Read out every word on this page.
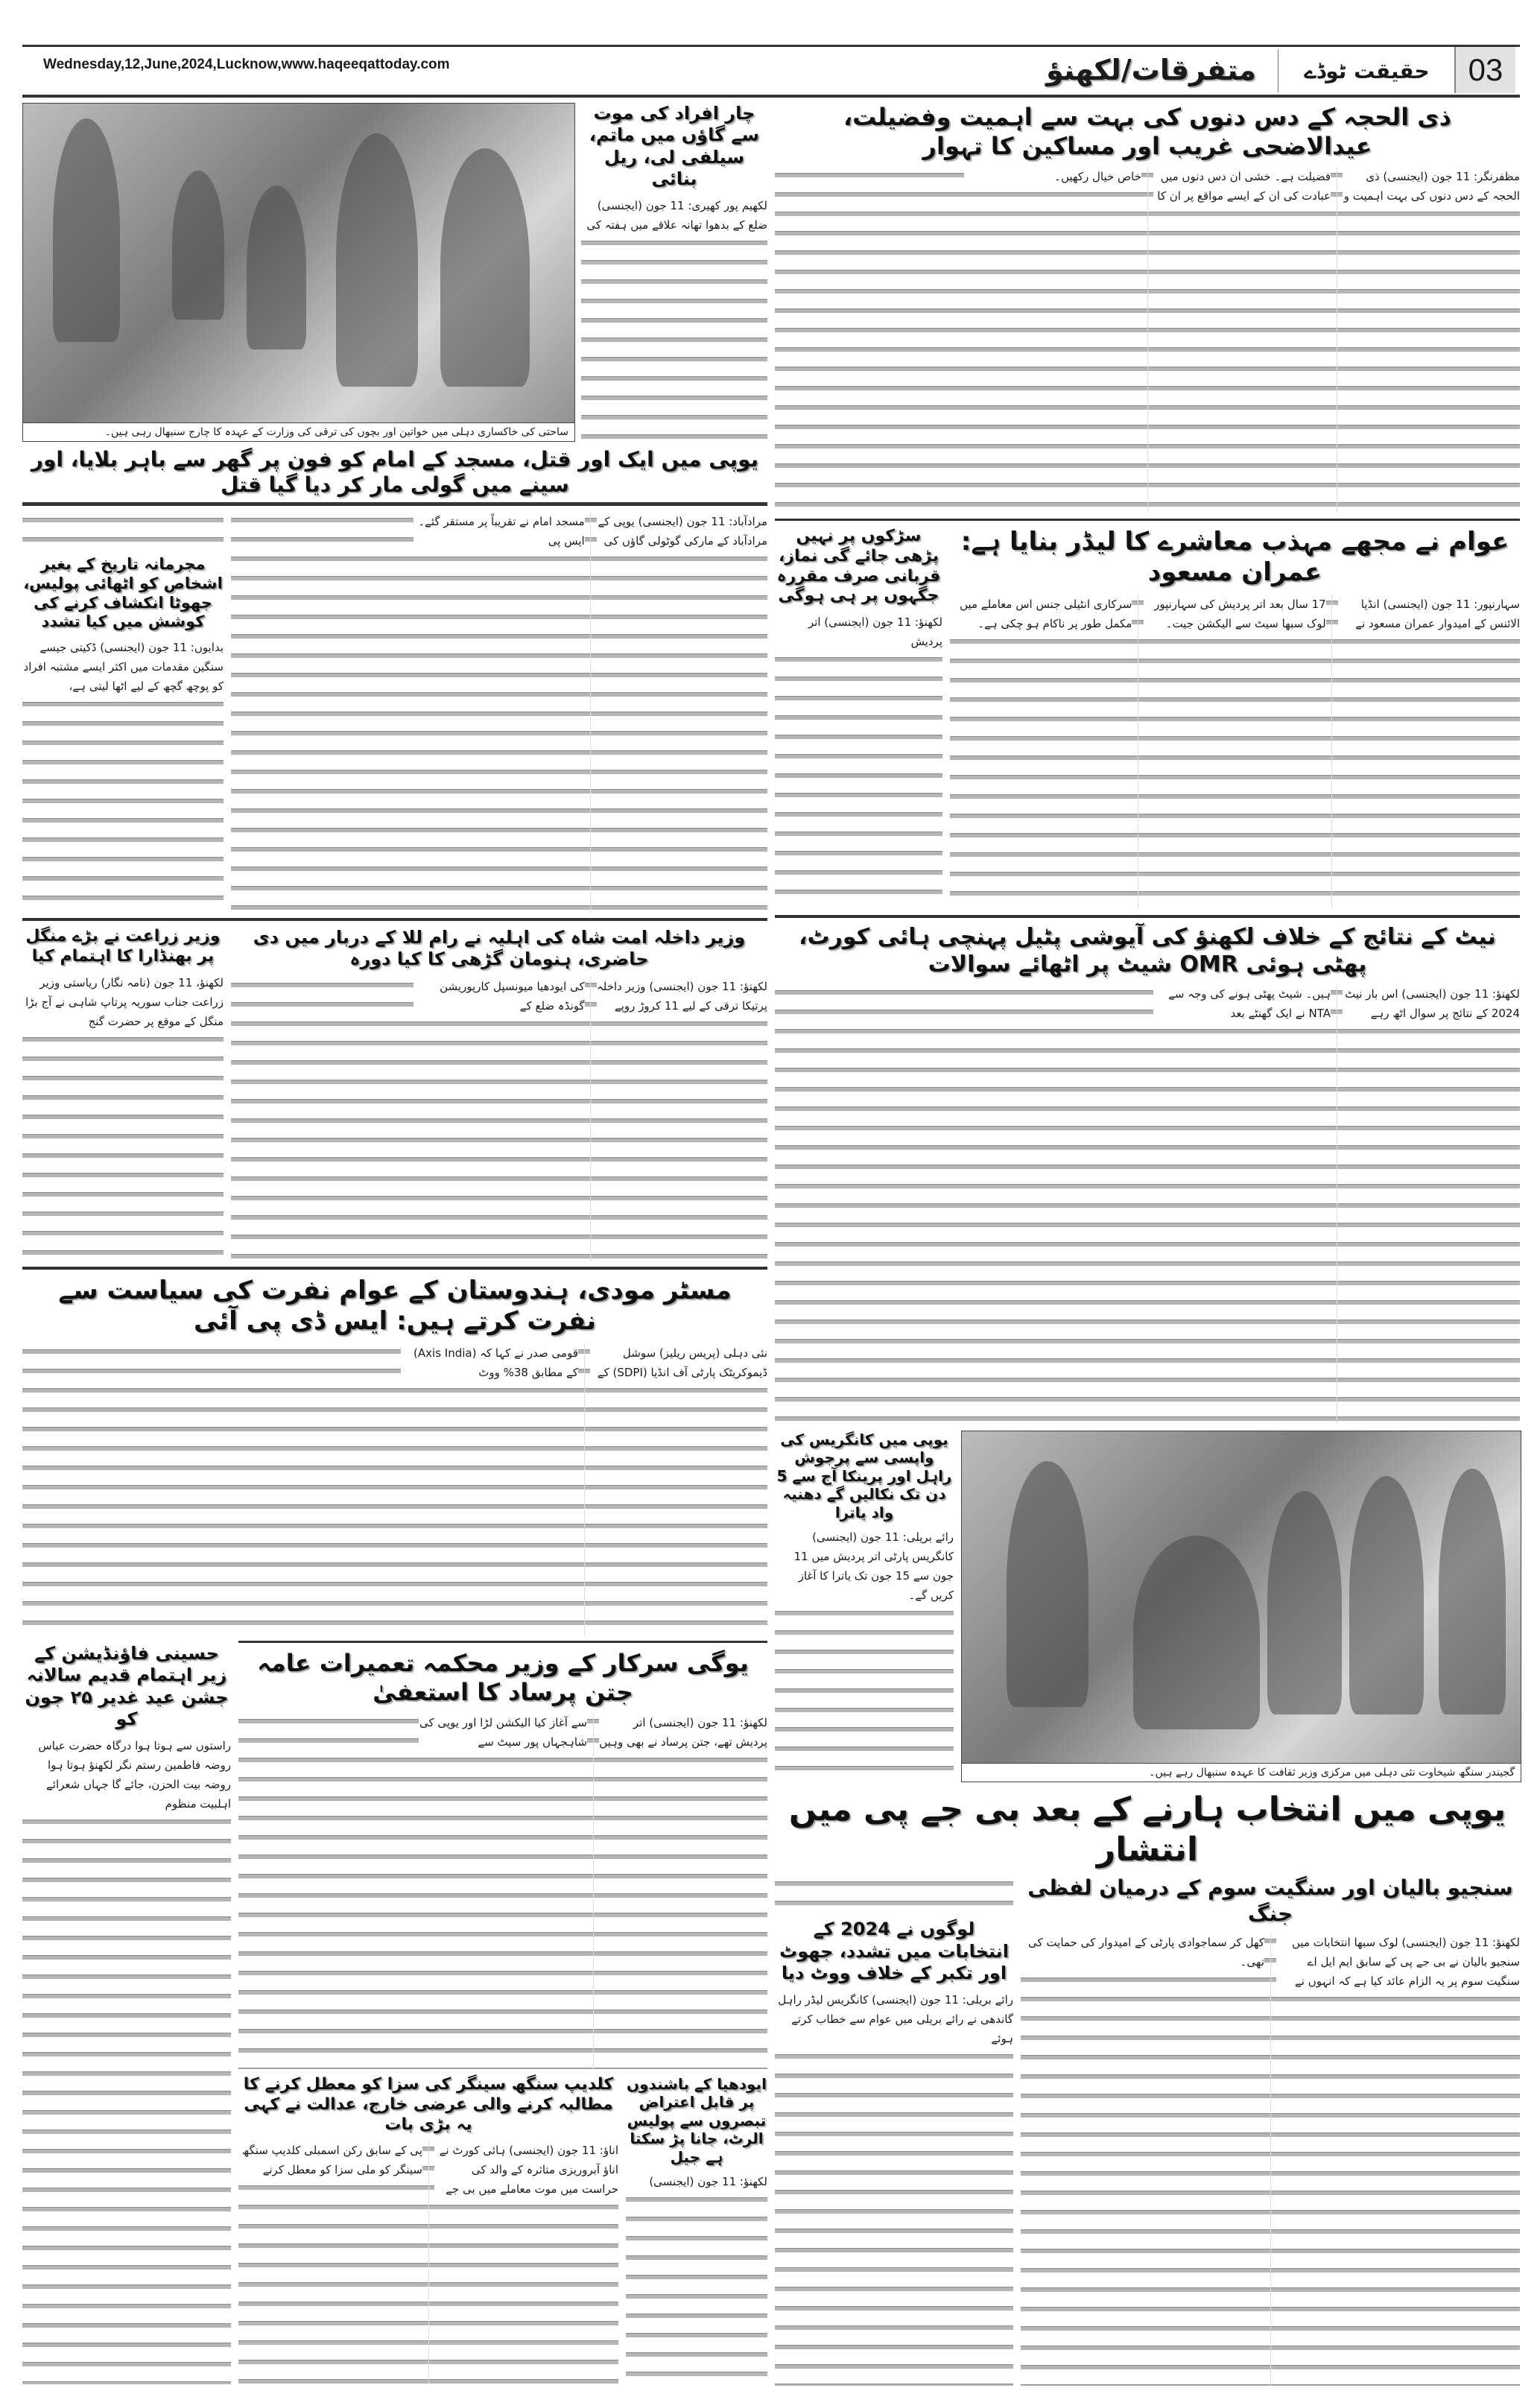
Wednesday,12,June,2024,Lucknow,www.haqeeqattoday.com	متفرقات/لکھنؤ	حقیقت ٹوڈے	03
ساحتی کی خاکساری دہلی میں خواتین اور بچوں کی ترقی کی وزارت کے عہدہ کا چارج سنبھال رہی ہیں۔
چار افراد کی موت سے گاؤں میں ماتم، سیلفی لی، ریل بنائی

لکھیم پور کھیری: 11 جون (ایجنسی) ضلع کے بدھوا تھانہ علاقے میں ہفتہ کی

ذی الحجہ کے دس دنوں کی بہت سے اہمیت وفضیلت، عیدالاضحی غریب اور مساکین کا تہوار

مظفرنگر: 11 جون (ایجنسی) ذی الحجہ کے دس دنوں کی بہت اہمیت و فضیلت ہے۔ خشی ان دس دنوں میں عبادت کی ان کے ایسے مواقع پر ان کا خاص خیال رکھیں۔

یوپی میں ایک اور قتل، مسجد کے امام کو فون پر گھر سے باہر بلایا، اور سینے میں گولی مار کر دیا گیا قتل
مجرمانہ تاریخ کے بغیر اشخاص کو اٹھائی پولیس، جھوٹا انکشاف کرنے کی کوشش میں کیا تشدد

بدایوں: 11 جون (ایجنسی) ڈکیتی جیسے سنگین مقدمات میں اکثر ایسے مشتبہ افراد کو پوچھ گچھ کے لیے اٹھا لیتی ہے،

مرادآباد: 11 جون (ایجنسی) یوپی کے مرادآباد کے مارکی گوٹولی گاؤں کی مسجد امام نے تقریباً پر مستقر گئے۔ ایس پی	سڑکوں پر نہیں پڑھی جائے گی نماز، قربانی صرف مقررہ جگہوں پر ہی ہوگی

لکھنؤ: 11 جون (ایجنسی) اتر پردیش

عوام نے مجھے مہذب معاشرے کا لیڈر بنایا ہے: عمران مسعود

سہارنپور: 11 جون (ایجنسی) انڈیا الائنس کے امیدوار عمران مسعود نے 17 سال بعد اتر پردیش کی سہارنپور لوک سبھا سیٹ سے الیکشن جیت۔ سرکاری انٹیلی جنس اس معاملے میں مکمل طور پر ناکام ہو چکی ہے۔

نیٹ کے نتائج کے خلاف لکھنؤ کی آیوشی پٹیل پہنچی ہائی کورٹ، پھٹی ہوئی OMR شیٹ پر اٹھائے سوالات

لکھنؤ: 11 جون (ایجنسی) اس بار نیٹ 2024 کے نتائج پر سوال اٹھ رہے ہیں۔ شیٹ پھٹی ہونے کی وجہ سے NTA نے ایک گھنٹے بعد

وزیر زراعت نے بڑے منگل پر بھنڈارا کا اہتمام کیا

لکھنؤ، 11 جون (نامہ نگار) ریاستی وزیر زراعت جناب سوریہ پرتاپ شاہی نے آج بڑا منگل کے موقع پر حضرت گنج

وزیر داخلہ امت شاہ کی اہلیہ نے رام للا کے دربار میں دی حاضری، ہنومان گڑھی کا کیا دورہ

لکھنؤ: 11 جون (ایجنسی) وزیر داخلہ پرتیکا ترقی کے لیے 11 کروڑ روپے کی ایودھیا میونسپل کارپوریشن گونڈہ ضلع کے

مسٹر مودی، ہندوستان کے عوام نفرت کی سیاست سے نفرت کرتے ہیں: ایس ڈی پی آئی

نئی دہلی (پریس ریلیز) سوشل ڈیموکریٹک پارٹی آف انڈیا (SDPI) کے قومی صدر نے کہا کہ (Axis India) کے مطابق 38% ووٹ

یوپی میں کانگریس کی واپسی سے پرجوش راہل اور پرینکا آج سے 5 دن تک نکالیں گے دھنیہ واد یاترا

رائے بریلی: 11 جون (ایجنسی) کانگریس پارٹی اتر پردیش میں 11 جون سے 15 جون تک یاترا کا آغاز کریں گے۔

گجیندر سنگھ شیخاوت نئی دہلی میں مرکزی وزیر ثقافت کا عہدہ سنبھال رہے ہیں۔
یوپی میں انتخاب ہارنے کے بعد بی جے پی میں انتشار
لوگوں نے 2024 کے انتخابات میں تشدد، جھوٹ اور تکبر کے خلاف ووٹ دیا

رائے بریلی: 11 جون (ایجنسی) کانگریس لیڈر راہل گاندھی نے رائے بریلی میں عوام سے خطاب کرتے ہوئے

سنجیو بالیان اور سنگیت سوم کے درمیان لفظی جنگ

لکھنؤ: 11 جون (ایجنسی) لوک سبھا انتخابات میں سنجیو بالیان نے بی جے پی کے سابق ایم ایل اے سنگیت سوم پر یہ الزام عائد کیا ہے کہ انہوں نے کھل کر سماجوادی پارٹی کے امیدوار کی حمایت کی تھی۔

یوگی سرکار کے وزیر محکمہ تعمیرات عامہ جتن پرساد کا استعفیٰ

لکھنؤ: 11 جون (ایجنسی) اتر پردیش تھے، جتن پرساد نے بھی وہیں سے آغاز کیا الیکشن لڑا اور یوپی کی شاہجہاں پور سیٹ سے

حسینی فاؤنڈیشن کے زیر اہتمام قدیم سالانہ جشن عید غدیر ۲۵ جون کو

راستوں سے ہوتا ہوا درگاہ حضرت عباس روضہ فاطمین رستم نگر لکھنؤ ہوتا ہوا روضہ بیت الحزن، جائے گا جہاں شعرائے اہلبیت منظوم

کلدیپ سنگھ سینگر کی سزا کو معطل کرنے کا مطالبہ کرنے والی عرضی خارج، عدالت نے کہی یہ بڑی بات

اناؤ: 11 جون (ایجنسی) ہائی کورٹ نے اناؤ آبروریزی متاثرہ کے والد کی حراست میں موت معاملے میں بی جے پی کے سابق رکن اسمبلی کلدیپ سنگھ سینگر کو ملی سزا کو معطل کرنے

ایودھیا کے باشندوں پر قابل اعتراض تبصروں سے پولیس الرٹ، جانا پڑ سکتا ہے جیل

لکھنؤ: 11 جون (ایجنسی)
